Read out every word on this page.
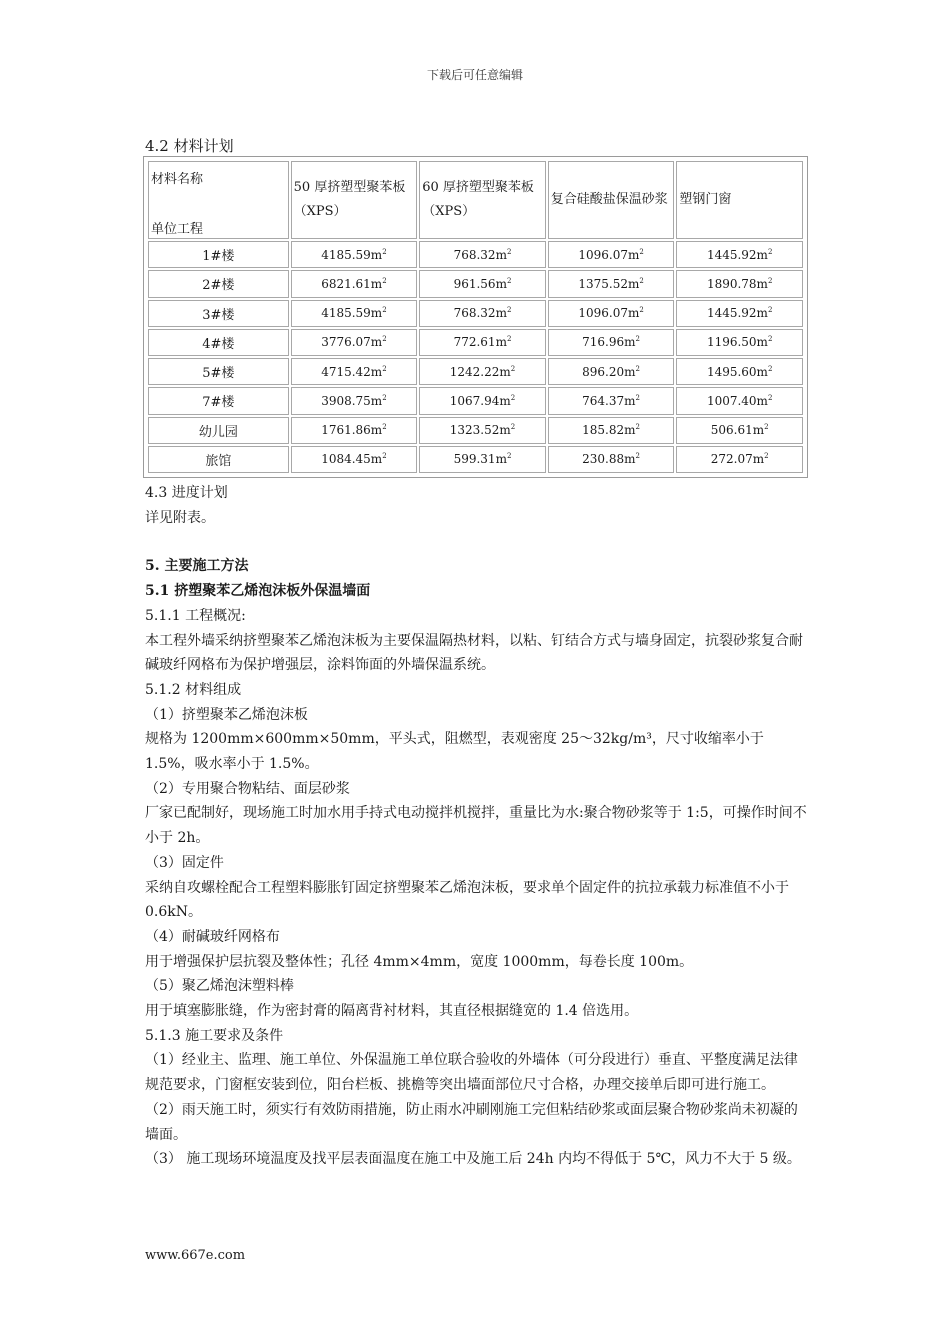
下载后可任意编辑
4.2 材料计划
材料名称
单位工程	50 厚挤塑型聚苯板（XPS）	60 厚挤塑型聚苯板（XPS）	复合硅酸盐保温砂浆	塑钢门窗
1#楼	$4185.59m^2$	$768.32m^2$	$1096.07m^2$	$1445.92m^2$
2#楼	$6821.61m^2$	$961.56m^2$	$1375.52m^2$	$1890.78m^2$
3#楼	$4185.59m^2$	$768.32m^2$	$1096.07m^2$	$1445.92m^2$
4#楼	$3776.07m^2$	$772.61m^2$	$716.96m^2$	$1196.50m^2$
5#楼	$4715.42m^2$	$1242.22m^2$	$896.20m^2$	$1495.60m^2$
7#楼	$3908.75m^2$	$1067.94m^2$	$764.37m^2$	$1007.40m^2$
幼儿园	$1761.86m^2$	$1323.52m^2$	$185.82m^2$	$506.61m^2$
旅馆	$1084.45m^2$	$599.31m^2$	$230.88m^2$	$272.07m^2$

4.3 进度计划

详见附表。

5. 主要施工方法

5.1 挤塑聚苯乙烯泡沫板外保温墙面

5.1.1 工程概况:

本工程外墙采纳挤塑聚苯乙烯泡沫板为主要保温隔热材料，以粘、钉结合方式与墙身固定，抗裂砂浆复合耐碱玻纤网格布为保护增强层，涂料饰面的外墙保温系统。

5.1.2 材料组成

（1）挤塑聚苯乙烯泡沫板

规格为 1200mm×600mm×50mm，平头式，阻燃型，表观密度 25～32kg/m³，尺寸收缩率小于 1.5%，吸水率小于 1.5%。

（2）专用聚合物粘结、面层砂浆

厂家已配制好，现场施工时加水用手持式电动搅拌机搅拌，重量比为水:聚合物砂浆等于 1:5，可操作时间不小于 2h。

（3）固定件

采纳自攻螺栓配合工程塑料膨胀钉固定挤塑聚苯乙烯泡沫板，要求单个固定件的抗拉承载力标准值不小于 0.6kN。

（4）耐碱玻纤网格布

用于增强保护层抗裂及整体性；孔径 4mm×4mm，宽度 1000mm，每卷长度 100m。

（5）聚乙烯泡沫塑料棒

用于填塞膨胀缝，作为密封膏的隔离背衬材料，其直径根据缝宽的 1.4 倍选用。

5.1.3 施工要求及条件

（1）经业主、监理、施工单位、外保温施工单位联合验收的外墙体（可分段进行）垂直、平整度满足法律规范要求，门窗框安装到位，阳台栏板、挑檐等突出墙面部位尺寸合格，办理交接单后即可进行施工。

（2）雨天施工时，须实行有效防雨措施，防止雨水冲刷刚施工完但粘结砂浆或面层聚合物砂浆尚未初凝的墙面。

（3） 施工现场环境温度及找平层表面温度在施工中及施工后 24h 内均不得低于 5℃，风力不大于 5 级。

www.667e.com
